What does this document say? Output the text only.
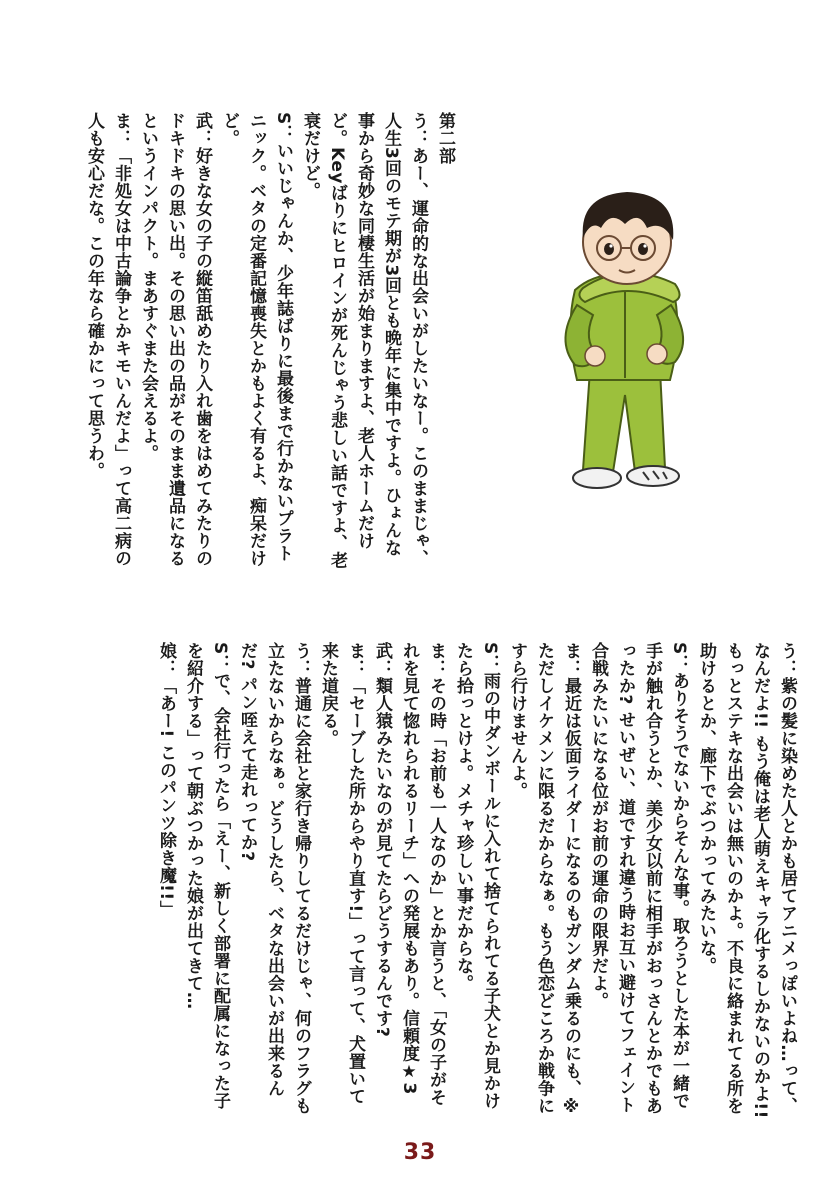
第二部

う：あー、運命的な出会いがしたいなー。このままじゃ、人生3回のモテ期が3回とも晩年に集中ですよ。ひょんな事から奇妙な同棲生活が始まりますよ、老人ホームだけど。Keyばりにヒロインが死んじゃう悲しい話ですよ、老衰だけど。

S：いいじゃんか、少年誌ばりに最後まで行かないプラトニック。ベタの定番記憶喪失とかもよく有るよ、痴呆だけど。

武：好きな女の子の縦笛舐めたり入れ歯をはめてみたりのドキドキの思い出。その思い出の品がそのまま遺品になるというインパクト。まあすぐまた会えるよ。

ま：「非処女は中古論争とかキモいんだよ」って高二病の人も安心だな。この年なら確かにって思うわ。

う：紫の髪に染めた人とかも居てアニメっぽいよね…って、なんだよ!! もう俺は老人萌えキャラ化するしかないのかよ!! もっとステキな出会いは無いのかよ。不良に絡まれてる所を助けるとか、廊下でぶつかってみたいな。

S：ありそうでないからそんな事。取ろうとした本が一緒で手が触れ合うとか、美少女以前に相手がおっさんとかでもあったか? せいぜい、道ですれ違う時お互い避けてフェイント合戦みたいになる位がお前の運命の限界だよ。

ま：最近は仮面ライダーになるのもガンダム乗るのにも、※ただしイケメンに限るだからなぁ。もう色恋どころか戦争にすら行けませんよ。

S：雨の中ダンボールに入れて捨てられてる子犬とか見かけたら拾っとけよ。メチャ珍しい事だからな。

ま：その時「お前も一人なのか」とか言うと、「女の子がそれを見て惚れられるリーチ」への発展もあり。信頼度★3

武：類人猿みたいなのが見てたらどうするんです?

ま：「セーブした所からやり直す!」って言って、犬置いて来た道戻る。

う：普通に会社と家行き帰りしてるだけじゃ、何のフラグも立たないからなぁ。どうしたら、ベタな出会いが出来るんだ? パン咥えて走れってか?

S：で、会社行ったら「えー、新しく部署に配属になった子を紹介する」って朝ぶつかった娘が出てきて…

娘：「あー! このパンツ除き魔!!」

33
